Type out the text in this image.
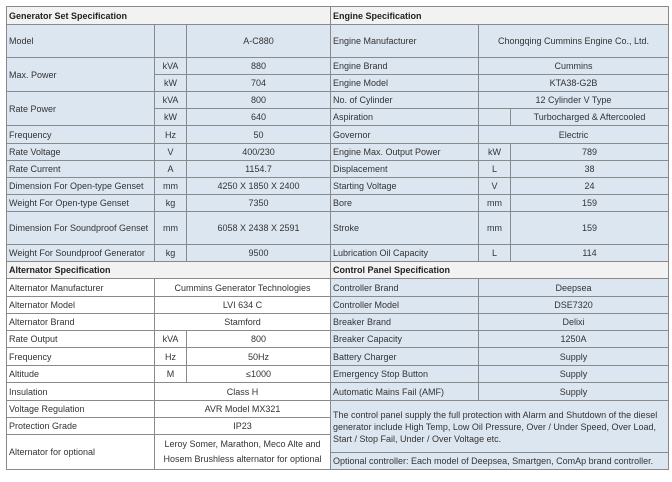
Generator Set Specification		
Model		A-C880
Max. Power	kVA	880
	kW	704
Rate Power	kVA	800
	kW	640
Frequency	Hz	50
Rate Voltage	V	400/230
Rate Current	A	1154.7
Dimension For Open-type Genset	mm	4250 X 1850 X 2400
Weight For Open-type Genset	kg	7350
Dimension For Soundproof Genset	mm	6058 X 2438 X 2591
Weight For Soundproof Generator	kg	9500
Alternator Specification		
Alternator Manufacturer	Cummins Generator Technologies	
Alternator Model	LVI 634 C	
Alternator Brand	Stamford	
Rate Output	kVA	800
Frequency	Hz	50Hz
Altitude	M	≤1000
Insulation	Class H	
Voltage Regulation	AVR Model MX321	
Protection Grade	IP23	
Alternator for optional	Leroy Somer, Marathon, Meco Alte and Hosem Brushless alternator for optional	
Engine Specification		
Engine Manufacturer	Chongqing Cummins Engine Co., Ltd.	
Engine Brand	Cummins	
Engine Model	KTA38-G2B	
No. of Cylinder	12 Cylinder V Type	
Aspiration		Turbocharged & Aftercooled
Governor	Electric	
Engine Max. Output Power	kW	789
Displacement	L	38
Starting Voltage	V	24
Bore	mm	159
Stroke	mm	159
Lubrication Oil Capacity	L	114
Control Panel Specification		
Controller Brand	Deepsea	
Controller Model	DSE7320	
Breaker Brand	Delixi	
Breaker Capacity	1250A	
Battery Charger	Supply	
Emergency Stop Button	Supply	
Automatic Mains Fail (AMF)	Supply	
The control panel supply the full protection with Alarm and Shutdown of the diesel generator include High Temp, Low Oil Pressure, Over / Under Speed, Over Load, Start / Stop Fail, Under / Over Voltage etc.		
Optional controller: Each model of Deepsea, Smartgen, ComAp brand controller.		
